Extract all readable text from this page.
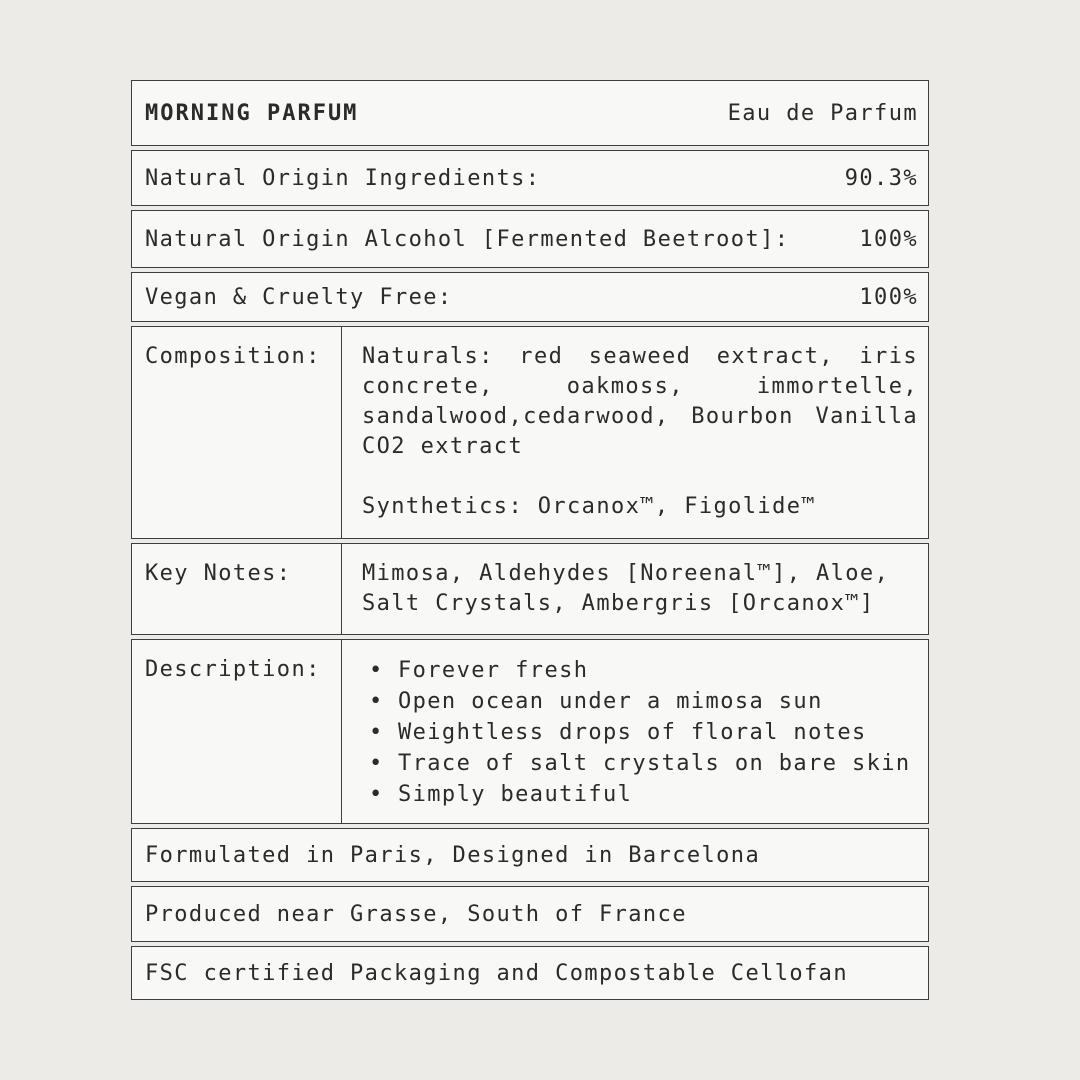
MORNING PARFUM	Eau de Parfum
Natural Origin Ingredients:	90.3%
Natural Origin Alcohol [Fermented Beetroot]:	100%
Vegan & Cruelty Free:	100%
Composition:	Naturals: red seaweed extract, iris concrete, oakmoss, immortelle, sandalwood,cedarwood, Bourbon Vanilla CO2 extract

Synthetics: Orcanox™, Figolide™

Key Notes:	Mimosa, Aldehydes [Noreenal™], Aloe, Salt Crystals, Ambergris [Orcanox™]
Description:	• Forever fresh
• Open ocean under a mimosa sun
• Weightless drops of floral notes
• Trace of salt crystals on bare skin
• Simply beautiful
Formulated in Paris, Designed in Barcelona
Produced near Grasse, South of France
FSC certified Packaging and Compostable Cellofan
